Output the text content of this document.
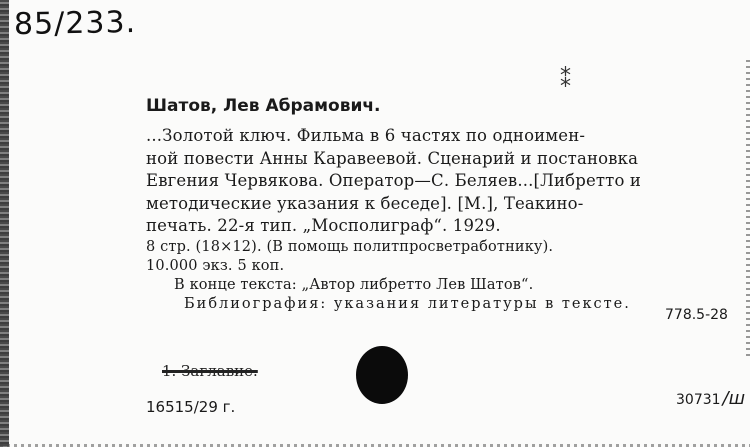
85/233.
⁑
Шатов, Лев Абрамович.
...Золотой ключ. Фильма в 6 частях по одноимен-
ной повести Анны Каравеевой. Сценарий и постановка
Евгения Червякова. Оператор—С. Беляев...[Либретто и
методические указания к беседе]. [М.], Теакино-
печать. 22-я тип. „Мосполиграф“. 1929.
8 стр. (18×12). (В помощь политпросветработнику).
10.000 экз. 5 коп.
В конце текста: „Автор либретто Лев Шатов“.
Библиография: указания литературы в тексте.
778.5-28
1. Заглавие.
16515/29 г.	30731 /ш
